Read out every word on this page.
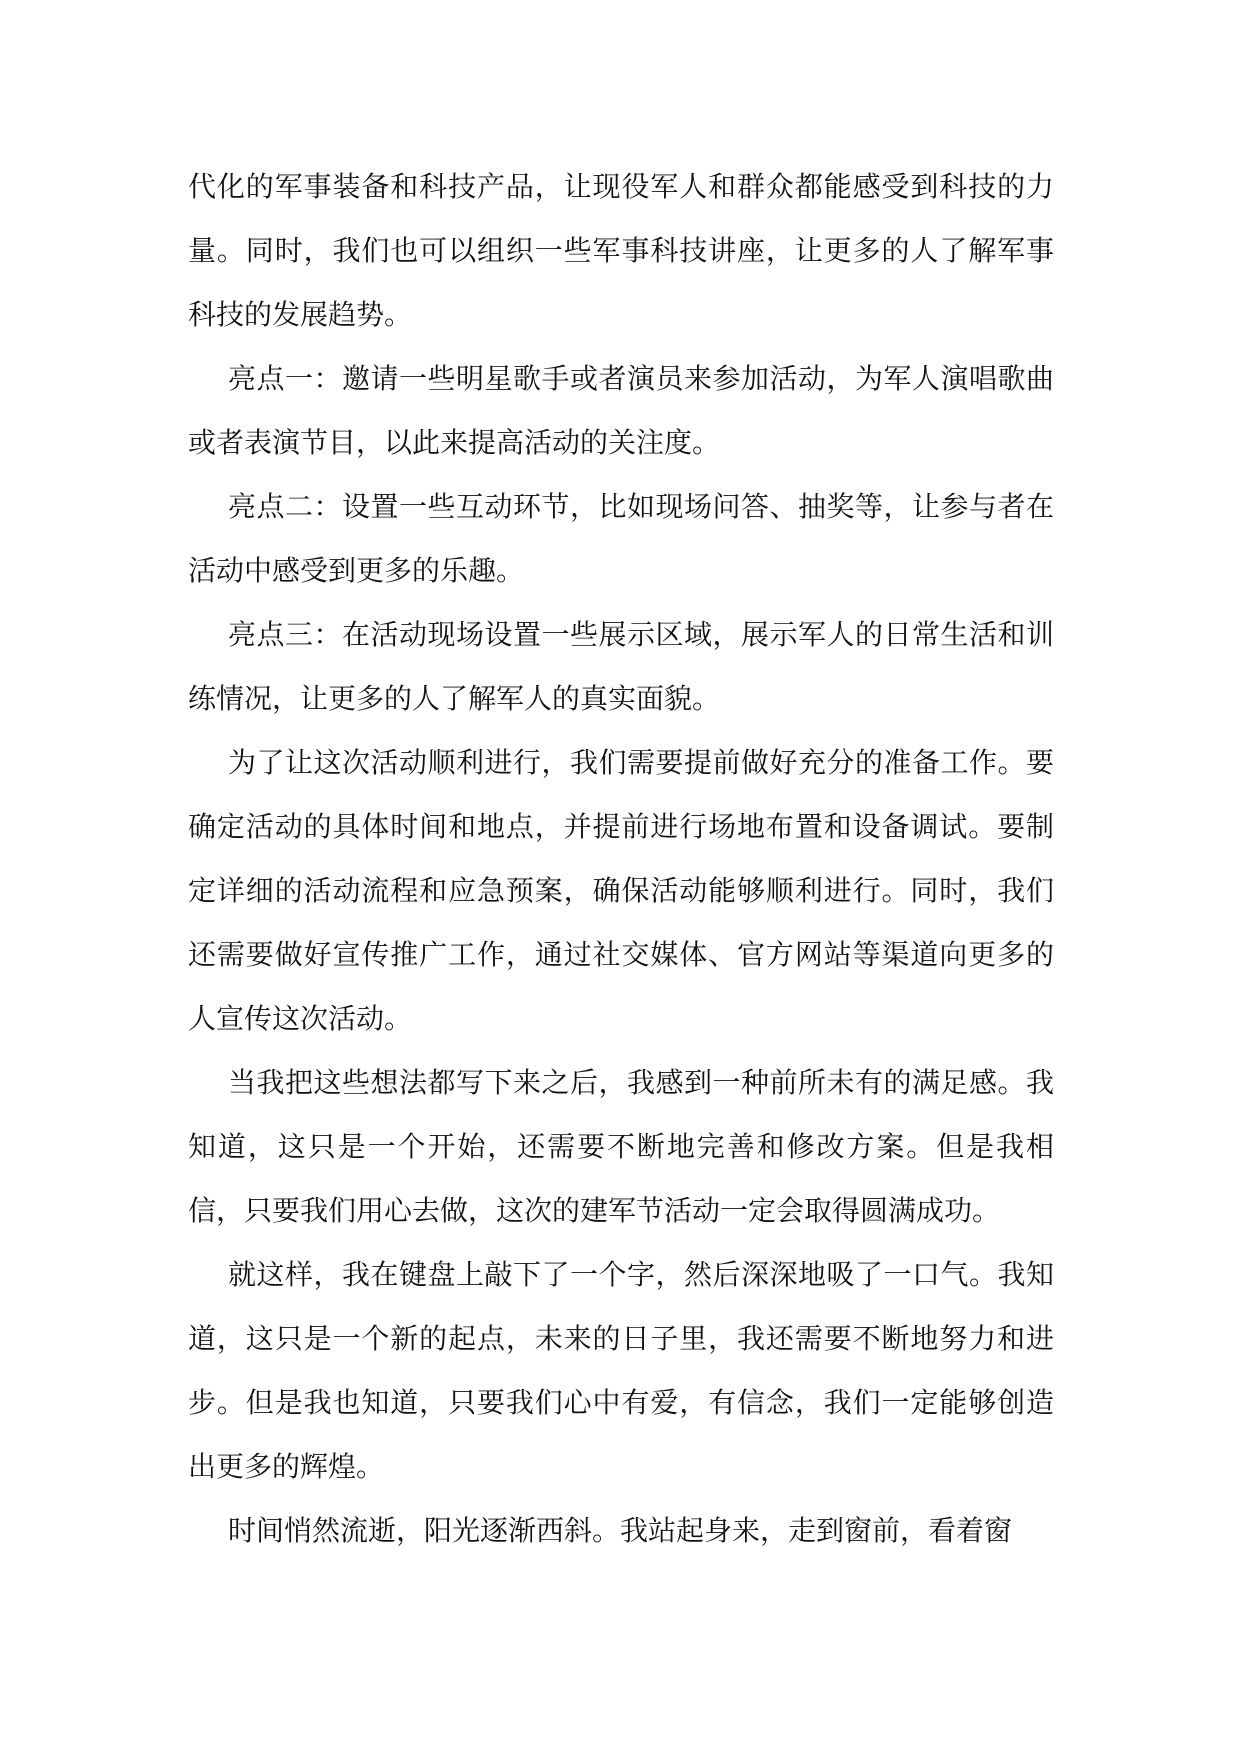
代化的军事装备和科技产品，让现役军人和群众都能感受到科技的力量。同时，我们也可以组织一些军事科技讲座，让更多的人了解军事科技的发展趋势。

亮点一：邀请一些明星歌手或者演员来参加活动，为军人演唱歌曲或者表演节目，以此来提高活动的关注度。

亮点二：设置一些互动环节，比如现场问答、抽奖等，让参与者在活动中感受到更多的乐趣。

亮点三：在活动现场设置一些展示区域，展示军人的日常生活和训练情况，让更多的人了解军人的真实面貌。

为了让这次活动顺利进行，我们需要提前做好充分的准备工作。要确定活动的具体时间和地点，并提前进行场地布置和设备调试。要制定详细的活动流程和应急预案，确保活动能够顺利进行。同时，我们还需要做好宣传推广工作，通过社交媒体、官方网站等渠道向更多的人宣传这次活动。

当我把这些想法都写下来之后，我感到一种前所未有的满足感。我知道，这只是一个开始，还需要不断地完善和修改方案。但是我相信，只要我们用心去做，这次的建军节活动一定会取得圆满成功。

就这样，我在键盘上敲下了一个字，然后深深地吸了一口气。我知道，这只是一个新的起点，未来的日子里，我还需要不断地努力和进步。但是我也知道，只要我们心中有爱，有信念，我们一定能够创造出更多的辉煌。

时间悄然流逝，阳光逐渐西斜。我站起身来，走到窗前，看着窗
